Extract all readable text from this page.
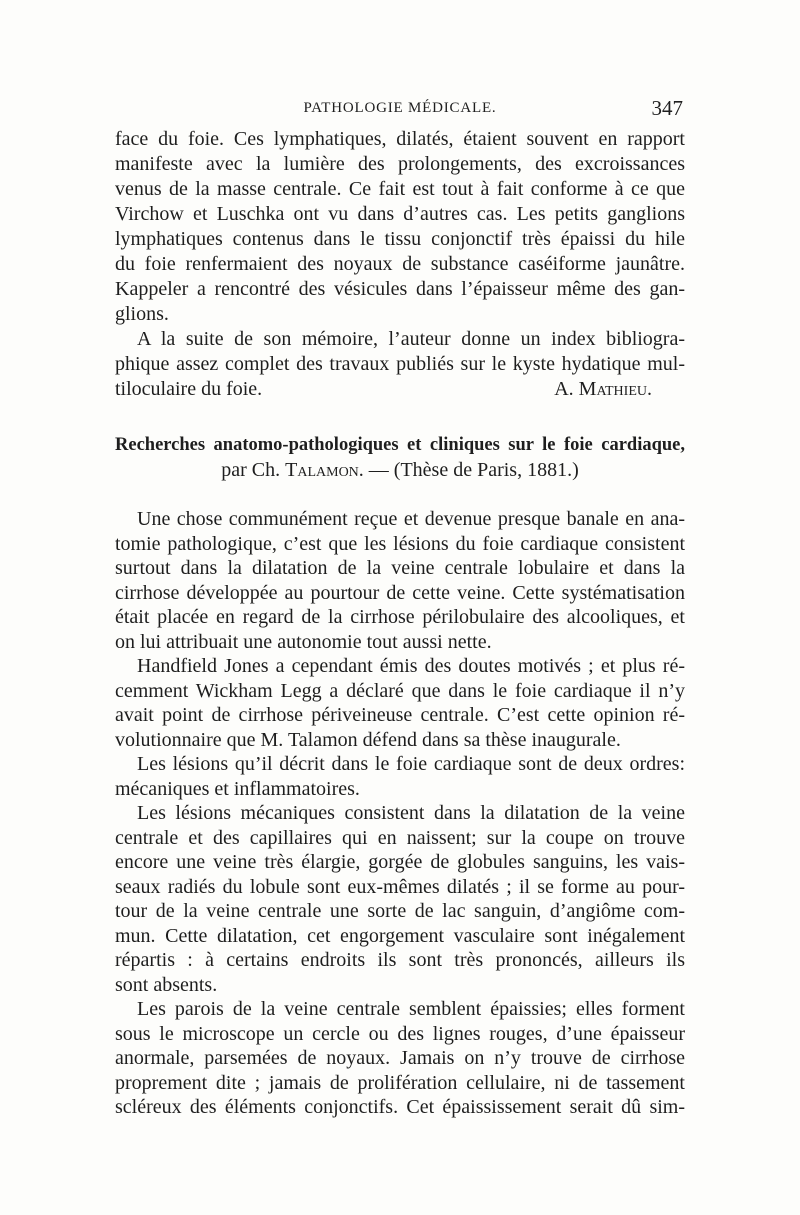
PATHOLOGIE MÉDICALE.	347
face du foie. Ces lymphatiques, dilatés, étaient souvent en rapport
manifeste avec la lumière des prolongements, des excroissances
venus de la masse centrale. Ce fait est tout à fait conforme à ce que
Virchow et Luschka ont vu dans d’autres cas. Les petits ganglions
lymphatiques contenus dans le tissu conjonctif très épaissi du hile
du foie renfermaient des noyaux de substance caséiforme jaunâtre.
Kappeler a rencontré des vésicules dans l’épaisseur même des gan-
glions.
A la suite de son mémoire, l’auteur donne un index bibliogra-
phique assez complet des travaux publiés sur le kyste hydatique mul-
tiloculaire du foie.	A. Mathieu.
Recherches anatomo-pathologiques et cliniques sur le foie cardiaque,
par Ch. Talamon. — (Thèse de Paris, 1881.)
Une chose communément reçue et devenue presque banale en ana-
tomie pathologique, c’est que les lésions du foie cardiaque consistent
surtout dans la dilatation de la veine centrale lobulaire et dans la
cirrhose développée au pourtour de cette veine. Cette systématisation
était placée en regard de la cirrhose périlobulaire des alcooliques, et
on lui attribuait une autonomie tout aussi nette.
Handfield Jones a cependant émis des doutes motivés ; et plus ré-
cemment Wickham Legg a déclaré que dans le foie cardiaque il n’y
avait point de cirrhose périveineuse centrale. C’est cette opinion ré-
volutionnaire que M. Talamon défend dans sa thèse inaugurale.
Les lésions qu’il décrit dans le foie cardiaque sont de deux ordres:
mécaniques et inflammatoires.
Les lésions mécaniques consistent dans la dilatation de la veine
centrale et des capillaires qui en naissent; sur la coupe on trouve
encore une veine très élargie, gorgée de globules sanguins, les vais-
seaux radiés du lobule sont eux-mêmes dilatés ; il se forme au pour-
tour de la veine centrale une sorte de lac sanguin, d’angiôme com-
mun. Cette dilatation, cet engorgement vasculaire sont inégalement
répartis : à certains endroits ils sont très prononcés, ailleurs ils
sont absents.
Les parois de la veine centrale semblent épaissies; elles forment
sous le microscope un cercle ou des lignes rouges, d’une épaisseur
anormale, parsemées de noyaux. Jamais on n’y trouve de cirrhose
proprement dite ; jamais de prolifération cellulaire, ni de tassement
scléreux des éléments conjonctifs. Cet épaississement serait dû sim-
